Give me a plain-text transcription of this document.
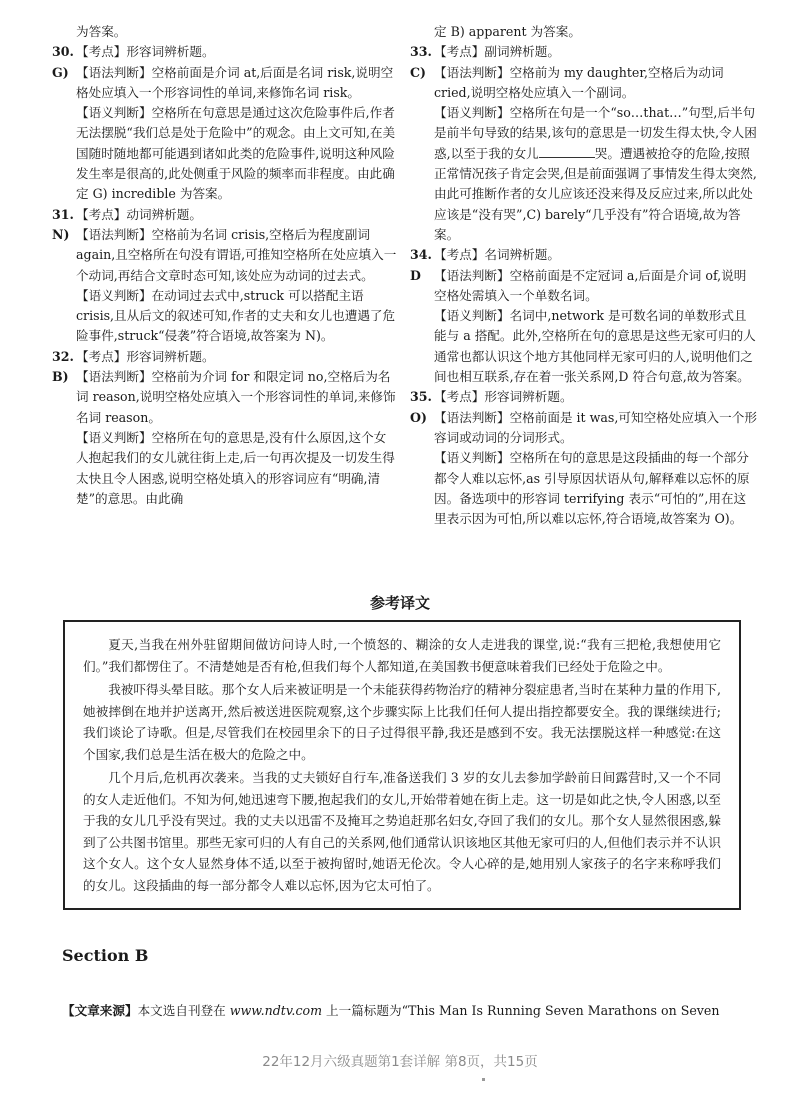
为答案。
30. 【考点】形容词辨析题。
G) 【语法判断】空格前面是介词 at,后面是名词 risk,说明空格处应填入一个形容词性的单词,来修饰名词 risk。
【语义判断】空格所在句意思是通过这次危险事件后,作者无法摆脱“我们总是处于危险中”的观念。由上文可知,在美国随时随地都可能遇到诸如此类的危险事件,说明这种风险发生率是很高的,此处侧重于风险的频率而非程度。由此确定 G) incredible 为答案。
31. 【考点】动词辨析题。
N) 【语法判断】空格前为名词 crisis,空格后为程度副词 again,且空格所在句没有谓语,可推知空格所在处应填入一个动词,再结合文章时态可知,该处应为动词的过去式。
【语义判断】在动词过去式中,struck 可以搭配主语 crisis,且从后文的叙述可知,作者的丈夫和女儿也遭遇了危险事件,struck“侵袭”符合语境,故答案为 N)。
32. 【考点】形容词辨析题。
B) 【语法判断】空格前为介词 for 和限定词 no,空格后为名词 reason,说明空格处应填入一个形容词性的单词,来修饰名词 reason。
【语义判断】空格所在句的意思是,没有什么原因,这个女人抱起我们的女儿就往街上走,后一句再次提及一切发生得太快且令人困惑,说明空格处填入的形容词应有“明确,清楚”的意思。由此确
定 B) apparent 为答案。
33. 【考点】副词辨析题。
C) 【语法判断】空格前为 my daughter,空格后为动词 cried,说明空格处应填入一个副词。
【语义判断】空格所在句是一个“so…that…”句型,后半句是前半句导致的结果,该句的意思是一切发生得太快,令人困惑,以至于我的女儿	哭。遭遇被抢夺的危险,按照正常情况孩子肯定会哭,但是前面强调了事情发生得太突然,由此可推断作者的女儿应该还没来得及反应过来,所以此处应该是“没有哭”,C) barely“几乎没有”符合语境,故为答案。
34. 【考点】名词辨析题。
D 【语法判断】空格前面是不定冠词 a,后面是介词 of,说明空格处需填入一个单数名词。
【语义判断】名词中,network 是可数名词的单数形式且能与 a 搭配。此外,空格所在句的意思是这些无家可归的人通常也都认识这个地方其他同样无家可归的人,说明他们之间也相互联系,存在着一张关系网,D 符合句意,故为答案。
35. 【考点】形容词辨析题。
O) 【语法判断】空格前面是 it was,可知空格处应填入一个形容词或动词的分词形式。
【语义判断】空格所在句的意思是这段插曲的每一个部分都令人难以忘怀,as 引导原因状语从句,解释难以忘怀的原因。备选项中的形容词 terrifying 表示“可怕的”,用在这里表示因为可怕,所以难以忘怀,符合语境,故答案为 O)。
参考译文

夏天,当我在州外驻留期间做访问诗人时,一个愤怒的、糊涂的女人走进我的课堂,说:“我有三把枪,我想使用它们。”我们都愣住了。不清楚她是否有枪,但我们每个人都知道,在美国教书便意味着我们已经处于危险之中。

我被吓得头晕目眩。那个女人后来被证明是一个未能获得药物治疗的精神分裂症患者,当时在某种力量的作用下,她被摔倒在地并护送离开,然后被送进医院观察,这个步骤实际上比我们任何人提出指控都要安全。我的课继续进行;我们谈论了诗歌。但是,尽管我们在校园里余下的日子过得很平静,我还是感到不安。我无法摆脱这样一种感觉:在这个国家,我们总是生活在极大的危险之中。

几个月后,危机再次袭来。当我的丈夫锁好自行车,准备送我们 3 岁的女儿去参加学龄前日间露营时,又一个不同的女人走近他们。不知为何,她迅速弯下腰,抱起我们的女儿,开始带着她在街上走。这一切是如此之快,令人困惑,以至于我的女儿几乎没有哭过。我的丈夫以迅雷不及掩耳之势追赶那名妇女,夺回了我们的女儿。那个女人显然很困惑,躲到了公共图书馆里。那些无家可归的人有自己的关系网,他们通常认识该地区其他无家可归的人,但他们表示并不认识这个女人。这个女人显然身体不适,以至于被拘留时,她语无伦次。令人心碎的是,她用别人家孩子的名字来称呼我们的女儿。这段插曲的每一部分都令人难以忘怀,因为它太可怕了。

Section B
【文章来源】本文选自刊登在 www.ndtv.com 上一篇标题为“This Man Is Running Seven Marathons on Seven
22年12月六级真题第1套详解 第8页，共15页
